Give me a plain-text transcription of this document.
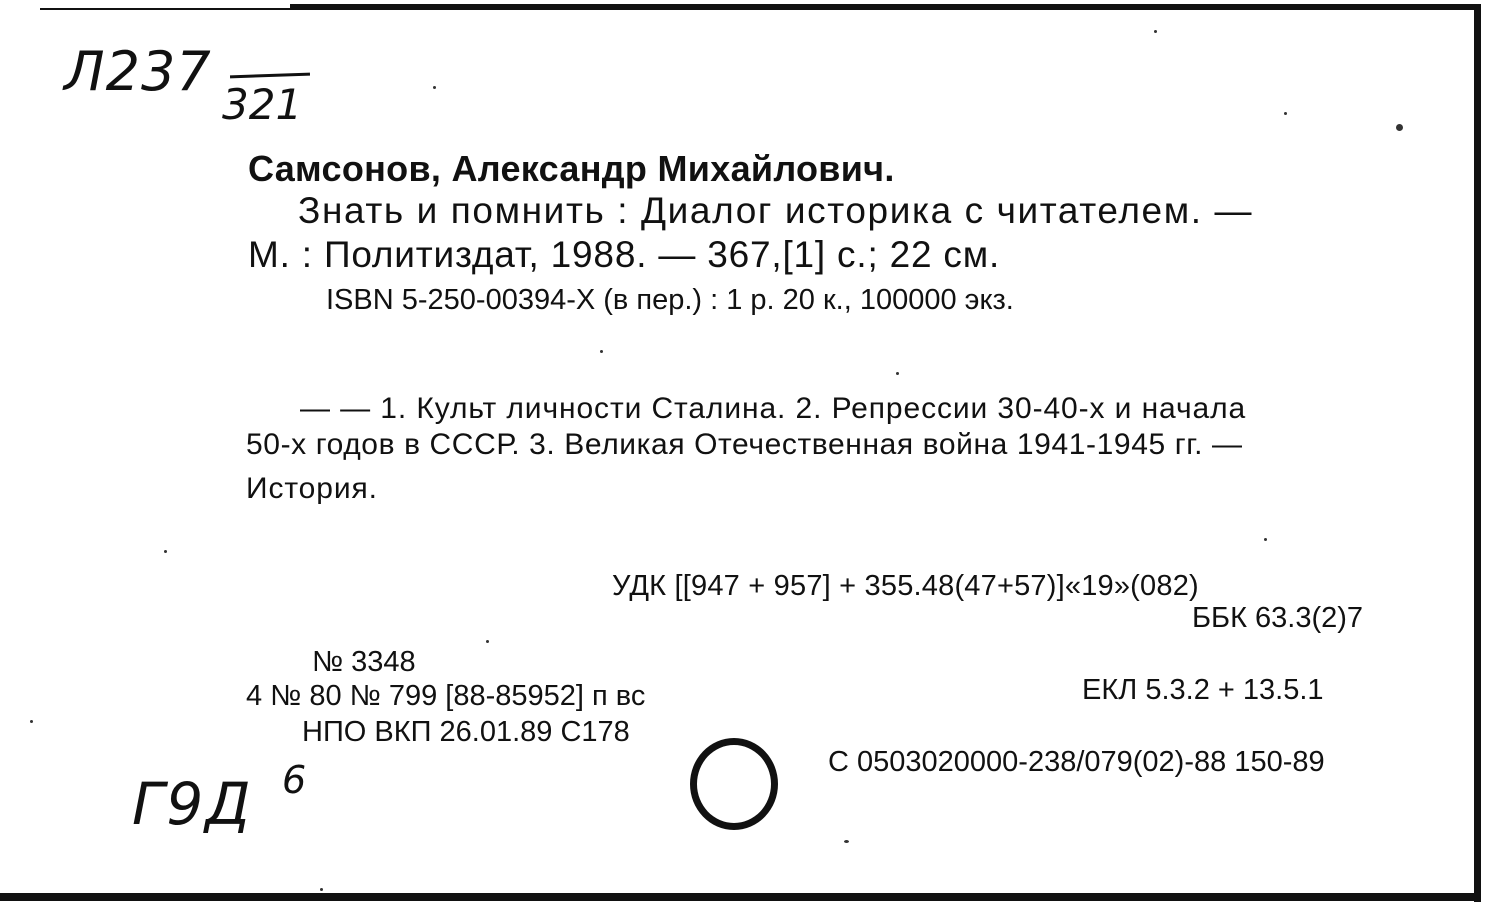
Л237
321
Самсонов, Александр Михайлович.
Знать и помнить : Диалог историка с читателем. —
М. : Политиздат, 1988. — 367,[1] с.; 22 см.
ISBN 5-250-00394-X (в пер.) : 1 р. 20 к., 100000 экз.
— — 1. Культ личности Сталина. 2. Репрессии 30-40-х и начала
50-х годов в СССР. 3. Великая Отечественная война 1941-1945 гг. —
История.
УДК [[947 + 957] + 355.48(47+57)]«19»(082)
ББК 63.3(2)7
№ 3348
4 № 80 № 799 [88-85952] п вс
НПО ВКП 26.01.89 С178
ЕКЛ 5.3.2 + 13.5.1
С 0503020000-238/079(02)-88 150-89
Г9Д 6
